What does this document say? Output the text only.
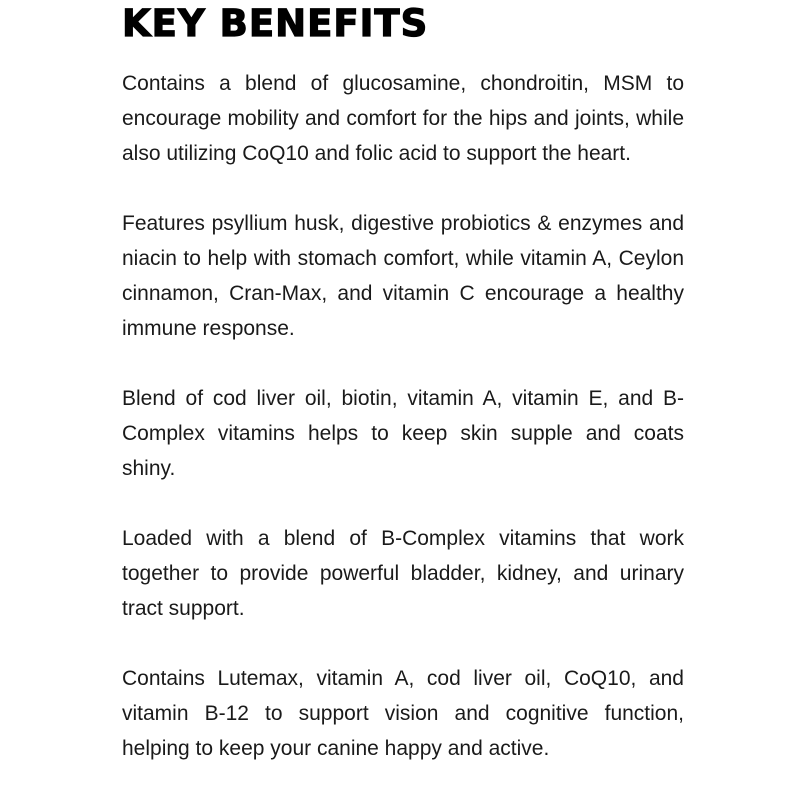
KEY BENEFITS

Contains a blend of glucosamine, chondroitin, MSM to encourage mobility and comfort for the hips and joints, while also utilizing CoQ10 and folic acid to support the heart.

Features psyllium husk, digestive probiotics & enzymes and niacin to help with stomach comfort, while vitamin A, Ceylon cinnamon, Cran-Max, and vitamin C encourage a healthy immune response.

Blend of cod liver oil, biotin, vitamin A, vitamin E, and B-Complex vitamins helps to keep skin supple and coats shiny.

Loaded with a blend of B-Complex vitamins that work together to provide powerful bladder, kidney, and urinary tract support.

Contains Lutemax, vitamin A, cod liver oil, CoQ10, and vitamin B-12 to support vision and cognitive function, helping to keep your canine happy and active.
